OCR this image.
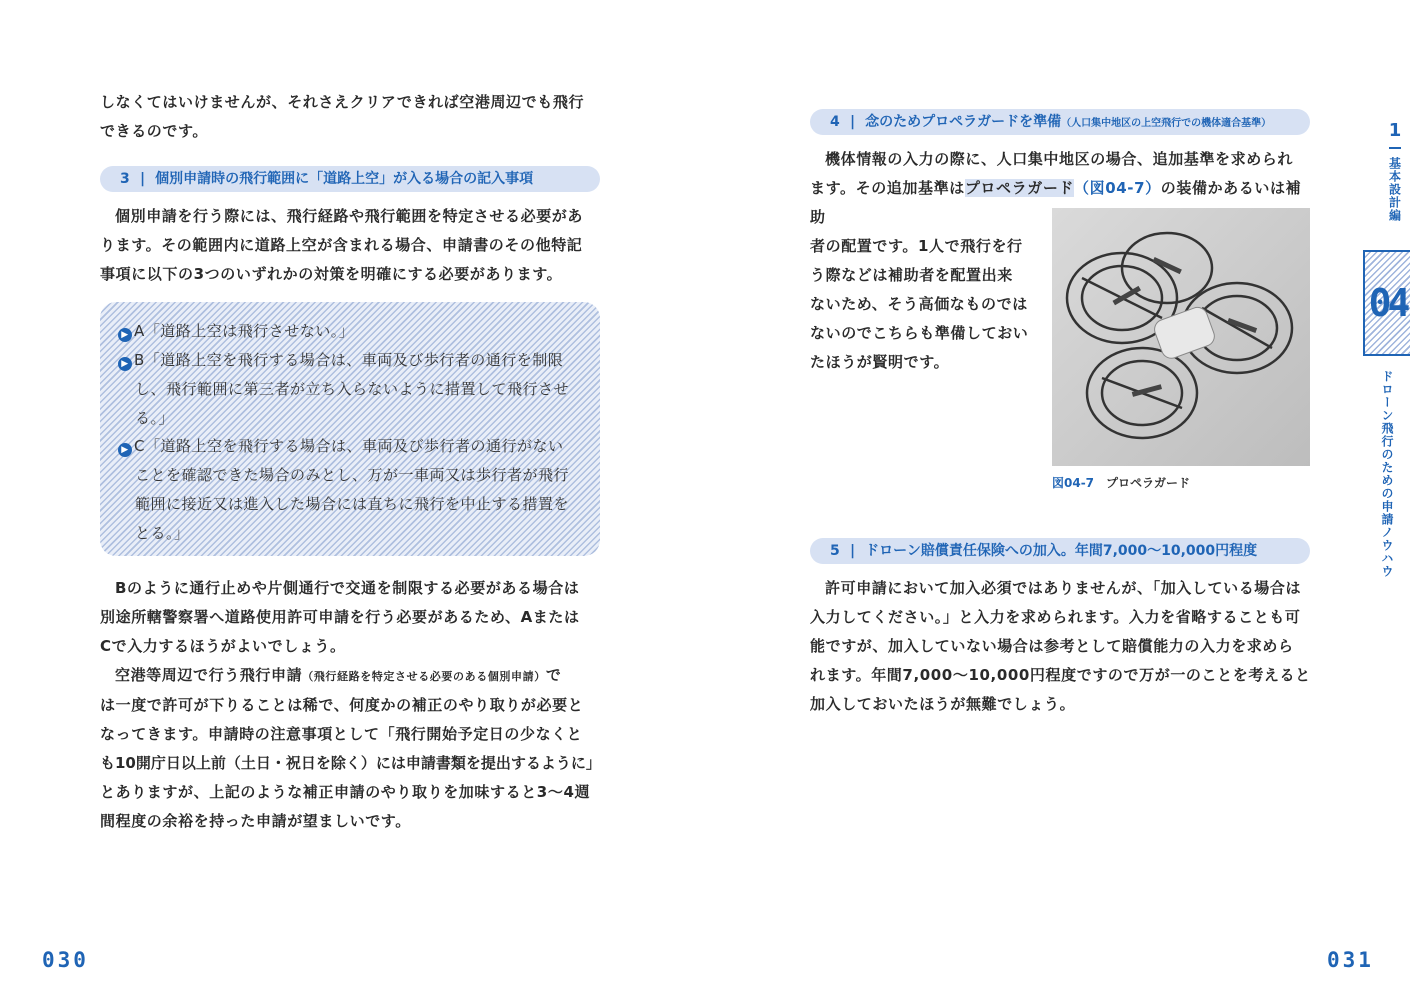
しなくてはいけませんが、それさえクリアできれば空港周辺でも飛行
できるのです。

3 | 個別申請時の飛行範囲に「道路上空」が入る場合の記入事項

個別申請を行う際には、飛行経路や飛行範囲を特定させる必要があ
ります。その範囲内に道路上空が含まれる場合、申請書のその他特記
事項に以下の3つのいずれかの対策を明確にする必要があります。

▶ A「道路上空は飛行させない。」
▶ B「道路上空を飛行する場合は、車両及び歩行者の通行を制限
し、飛行範囲に第三者が立ち入らないように措置して飛行させ
る。」
▶ C「道路上空を飛行する場合は、車両及び歩行者の通行がない
ことを確認できた場合のみとし、万が一車両又は歩行者が飛行
範囲に接近又は進入した場合には直ちに飛行を中止する措置を
とる。」

Bのように通行止めや片側通行で交通を制限する必要がある場合は
別途所轄警察署へ道路使用許可申請を行う必要があるため、Aまたは
Cで入力するほうがよいでしょう。

空港等周辺で行う飛行申請（飛行経路を特定させる必要のある個別申請）で
は一度で許可が下りることは稀で、何度かの補正のやり取りが必要と
なってきます。申請時の注意事項として「飛行開始予定日の少なくと
も10開庁日以上前（土日・祝日を除く）には申請書類を提出するように」
とありますが、上記のような補正申請のやり取りを加味すると3〜4週
間程度の余裕を持った申請が望ましいです。

030
4 | 念のためプロペラガードを準備（人口集中地区の上空飛行での機体適合基準）

機体情報の入力の際に、人口集中地区の場合、追加基準を求められ
ます。その追加基準はプロペラガード（図04-7）の装備かあるいは補助
者の配置です。1人で飛行を行
う際などは補助者を配置出来
ないため、そう高価なものでは
ないのでこちらも準備しておい
たほうが賢明です。

図04-7 プロペラガード
5 | ドローン賠償責任保険への加入。年間7,000〜10,000円程度

許可申請において加入必須ではありませんが、「加入している場合は
入力してください。」と入力を求められます。入力を省略することも可
能ですが、加入していない場合は参考として賠償能力の入力を求めら
れます。年間7,000〜10,000円程度ですので万が一のことを考えると
加入しておいたほうが無難でしょう。

1
基本設計編
04
ドローン飛行のための申請ノウハウ
031
